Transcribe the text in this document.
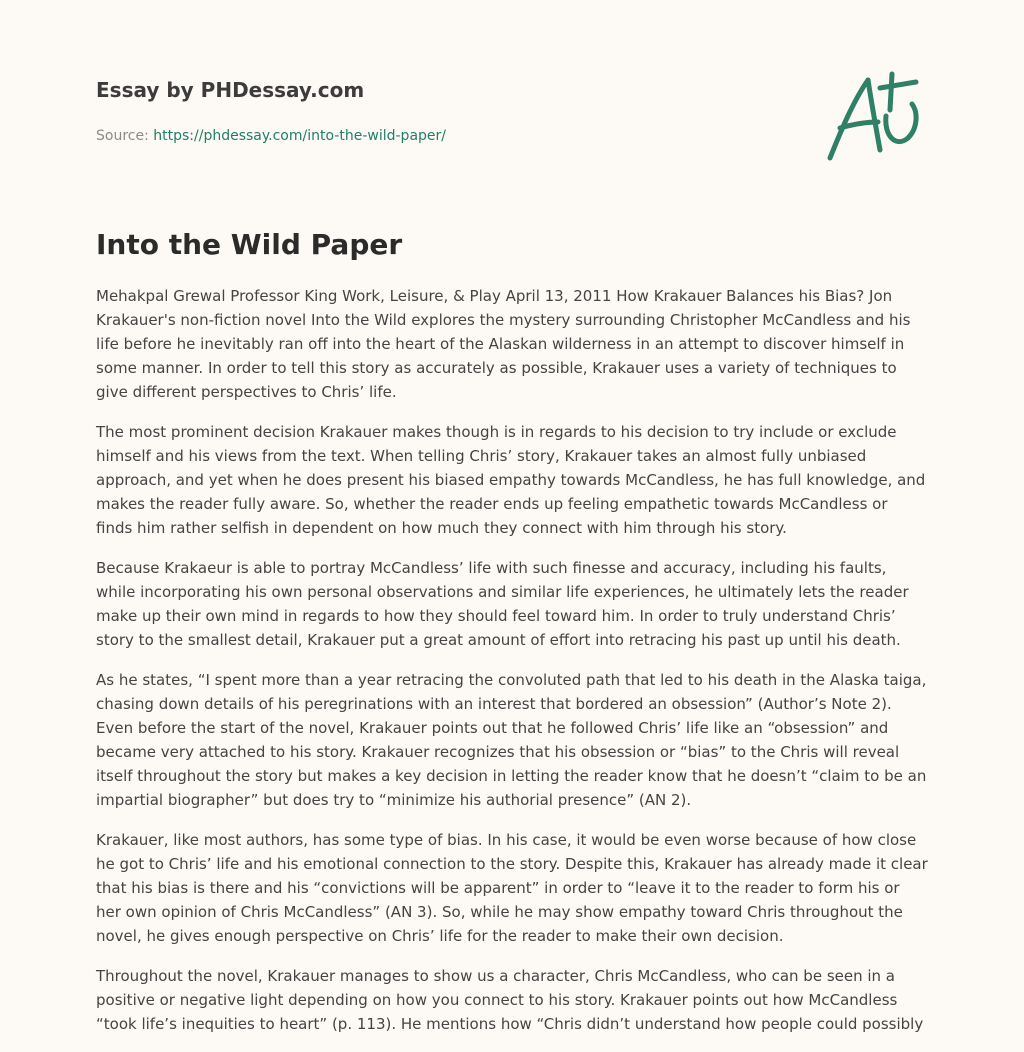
Essay by PHDessay.com
Source: https://phdessay.com/into-the-wild-paper/
Into the Wild Paper

Mehakpal Grewal Professor King Work, Leisure, & Play April 13, 2011 How Krakauer Balances his Bias? Jon Krakauer's non-fiction novel Into the Wild explores the mystery surrounding Christopher McCandless and his life before he inevitably ran off into the heart of the Alaskan wilderness in an attempt to discover himself in some manner. In order to tell this story as accurately as possible, Krakauer uses a variety of techniques to give different perspectives to Chris’ life.

The most prominent decision Krakauer makes though is in regards to his decision to try include or exclude himself and his views from the text. When telling Chris’ story, Krakauer takes an almost fully unbiased approach, and yet when he does present his biased empathy towards McCandless, he has full knowledge, and makes the reader fully aware. So, whether the reader ends up feeling empathetic towards McCandless or finds him rather selfish in dependent on how much they connect with him through his story.

Because Krakaeur is able to portray McCandless’ life with such finesse and accuracy, including his faults, while incorporating his own personal observations and similar life experiences, he ultimately lets the reader make up their own mind in regards to how they should feel toward him. In order to truly understand Chris’ story to the smallest detail, Krakauer put a great amount of effort into retracing his past up until his death.

As he states, “I spent more than a year retracing the convoluted path that led to his death in the Alaska taiga, chasing down details of his peregrinations with an interest that bordered an obsession” (Author’s Note 2). Even before the start of the novel, Krakauer points out that he followed Chris’ life like an “obsession” and became very attached to his story. Krakauer recognizes that his obsession or “bias” to the Chris will reveal itself throughout the story but makes a key decision in letting the reader know that he doesn’t “claim to be an impartial biographer” but does try to “minimize his authorial presence” (AN 2).

Krakauer, like most authors, has some type of bias. In his case, it would be even worse because of how close he got to Chris’ life and his emotional connection to the story. Despite this, Krakauer has already made it clear that his bias is there and his “convictions will be apparent” in order to “leave it to the reader to form his or her own opinion of Chris McCandless” (AN 3). So, while he may show empathy toward Chris throughout the novel, he gives enough perspective on Chris’ life for the reader to make their own decision.

Throughout the novel, Krakauer manages to show us a character, Chris McCandless, who can be seen in a positive or negative light depending on how you connect to his story. Krakauer points out how McCandless “took life’s inequities to heart” (p. 113). He mentions how “Chris didn’t understand how people could possibly
